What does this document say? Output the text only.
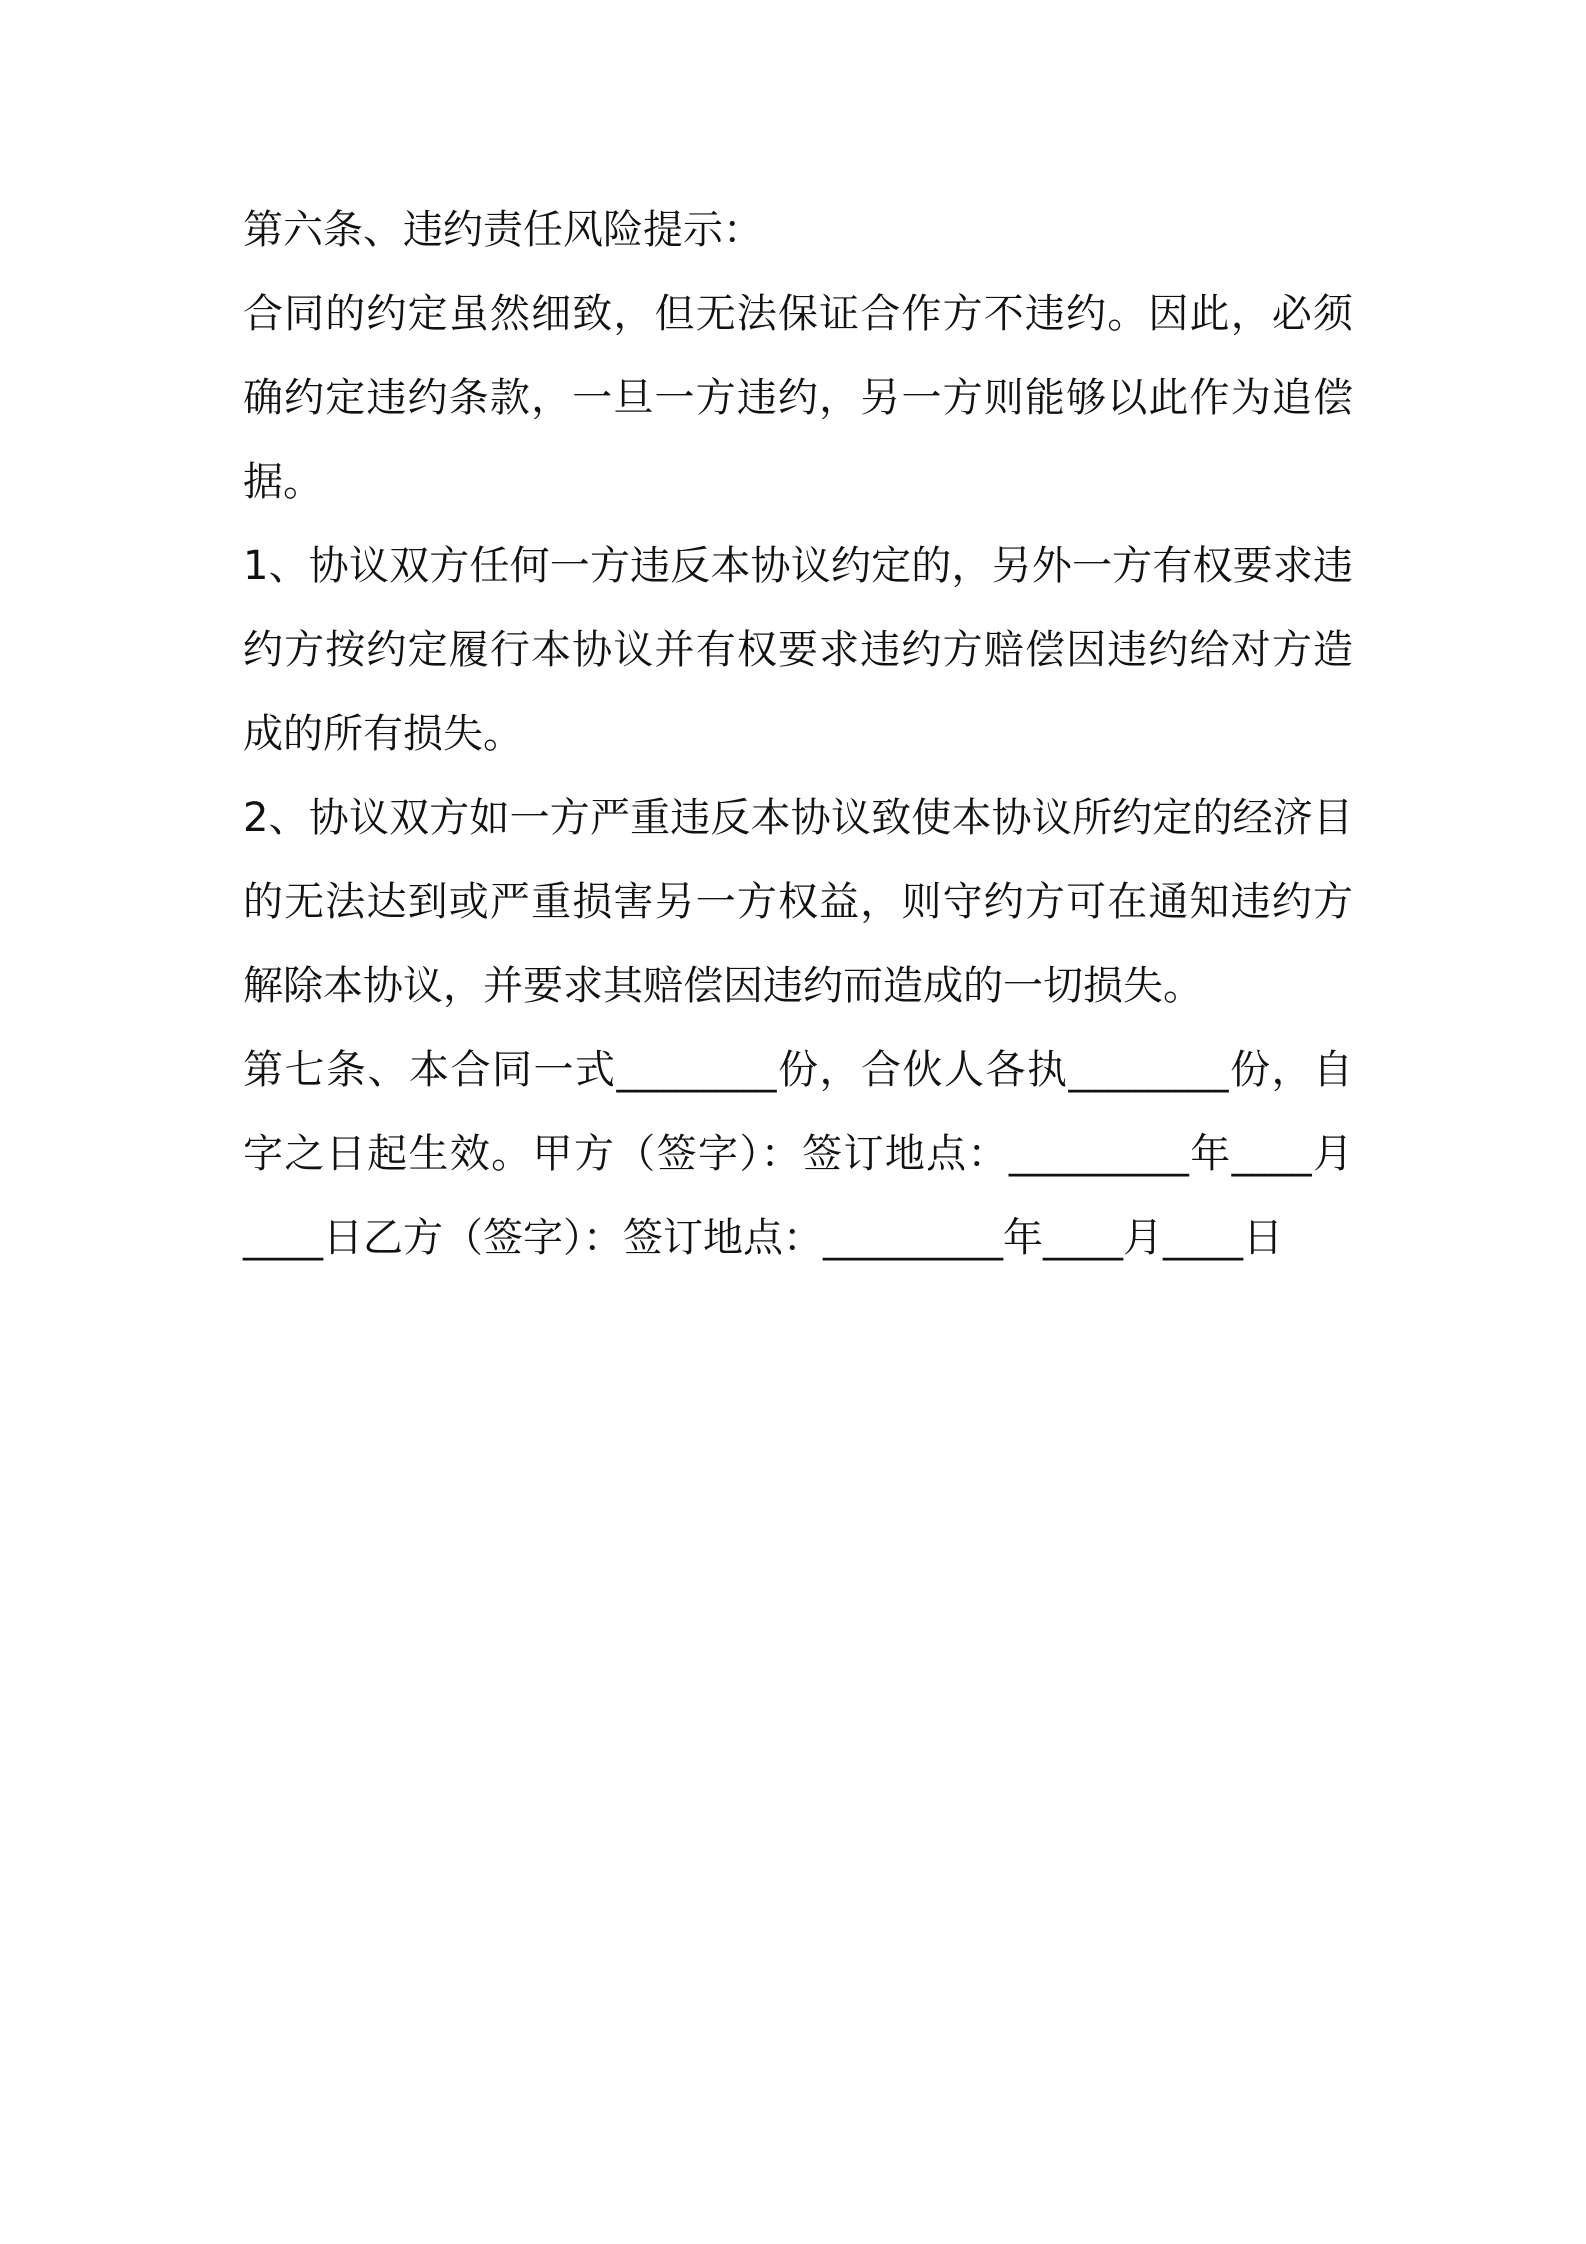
第六条、违约责任风险提示：
合同的约定虽然细致，但无法保证合作方不违约。因此，必须
确约定违约条款，一旦一方违约，另一方则能够以此作为追偿
据。
1、协议双方任何一方违反本协议约定的，另外一方有权要求违
约方按约定履行本协议并有权要求违约方赔偿因违约给对方造
成的所有损失。
2、协议双方如一方严重违反本协议致使本协议所约定的经济目
的无法达到或严重损害另一方权益，则守约方可在通知违约方
解除本协议，并要求其赔偿因违约而造成的一切损失。
第七条、本合同一式________份，合伙人各执________份，自
字之日起生效。甲方（签字）：签订地点：_________年____月
____日乙方（签字）：签订地点：_________年____月____日
